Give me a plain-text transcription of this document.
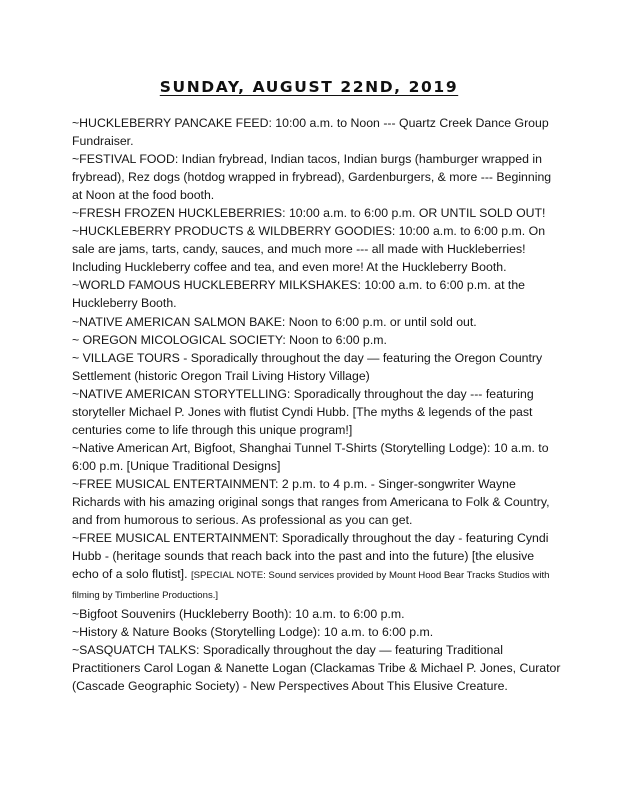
SUNDAY, AUGUST 22ND, 2019
~HUCKLEBERRY PANCAKE FEED: 10:00 a.m. to Noon --- Quartz Creek Dance Group Fundraiser.
~FESTIVAL FOOD: Indian frybread, Indian tacos, Indian burgs (hamburger wrapped in frybread), Rez dogs (hotdog wrapped in frybread), Gardenburgers, & more --- Beginning at Noon at the food booth.
~FRESH FROZEN HUCKLEBERRIES: 10:00 a.m. to 6:00 p.m. OR UNTIL SOLD OUT!
~HUCKLEBERRY PRODUCTS & WILDBERRY GOODIES: 10:00 a.m. to 6:00 p.m. On sale are jams, tarts, candy, sauces, and much more --- all made with Huckleberries! Including Huckleberry coffee and tea, and even more! At the Huckleberry Booth.
~WORLD FAMOUS HUCKLEBERRY MILKSHAKES: 10:00 a.m. to 6:00 p.m. at the Huckleberry Booth.
~NATIVE AMERICAN SALMON BAKE: Noon to 6:00 p.m. or until sold out.
~ OREGON MICOLOGICAL SOCIETY: Noon to 6:00 p.m.
~ VILLAGE TOURS - Sporadically throughout the day — featuring the Oregon Country Settlement (historic Oregon Trail Living History Village)
~NATIVE AMERICAN STORYTELLING: Sporadically throughout the day --- featuring storyteller Michael P. Jones with flutist Cyndi Hubb. [The myths & legends of the past centuries come to life through this unique program!]
~Native American Art, Bigfoot, Shanghai Tunnel T-Shirts (Storytelling Lodge): 10 a.m. to 6:00 p.m. [Unique Traditional Designs]
~FREE MUSICAL ENTERTAINMENT: 2 p.m. to 4 p.m. - Singer-songwriter Wayne Richards with his amazing original songs that ranges from Americana to Folk & Country, and from humorous to serious. As professional as you can get.
~FREE MUSICAL ENTERTAINMENT: Sporadically throughout the day - featuring Cyndi Hubb - (heritage sounds that reach back into the past and into the future) [the elusive echo of a solo flutist]. [SPECIAL NOTE: Sound services provided by Mount Hood Bear Tracks Studios with filming by Timberline Productions.]
~Bigfoot Souvenirs (Huckleberry Booth): 10 a.m. to 6:00 p.m.
~History & Nature Books (Storytelling Lodge): 10 a.m. to 6:00 p.m.
~SASQUATCH TALKS: Sporadically throughout the day — featuring Traditional Practitioners Carol Logan & Nanette Logan (Clackamas Tribe & Michael P. Jones, Curator (Cascade Geographic Society) - New Perspectives About This Elusive Creature.
